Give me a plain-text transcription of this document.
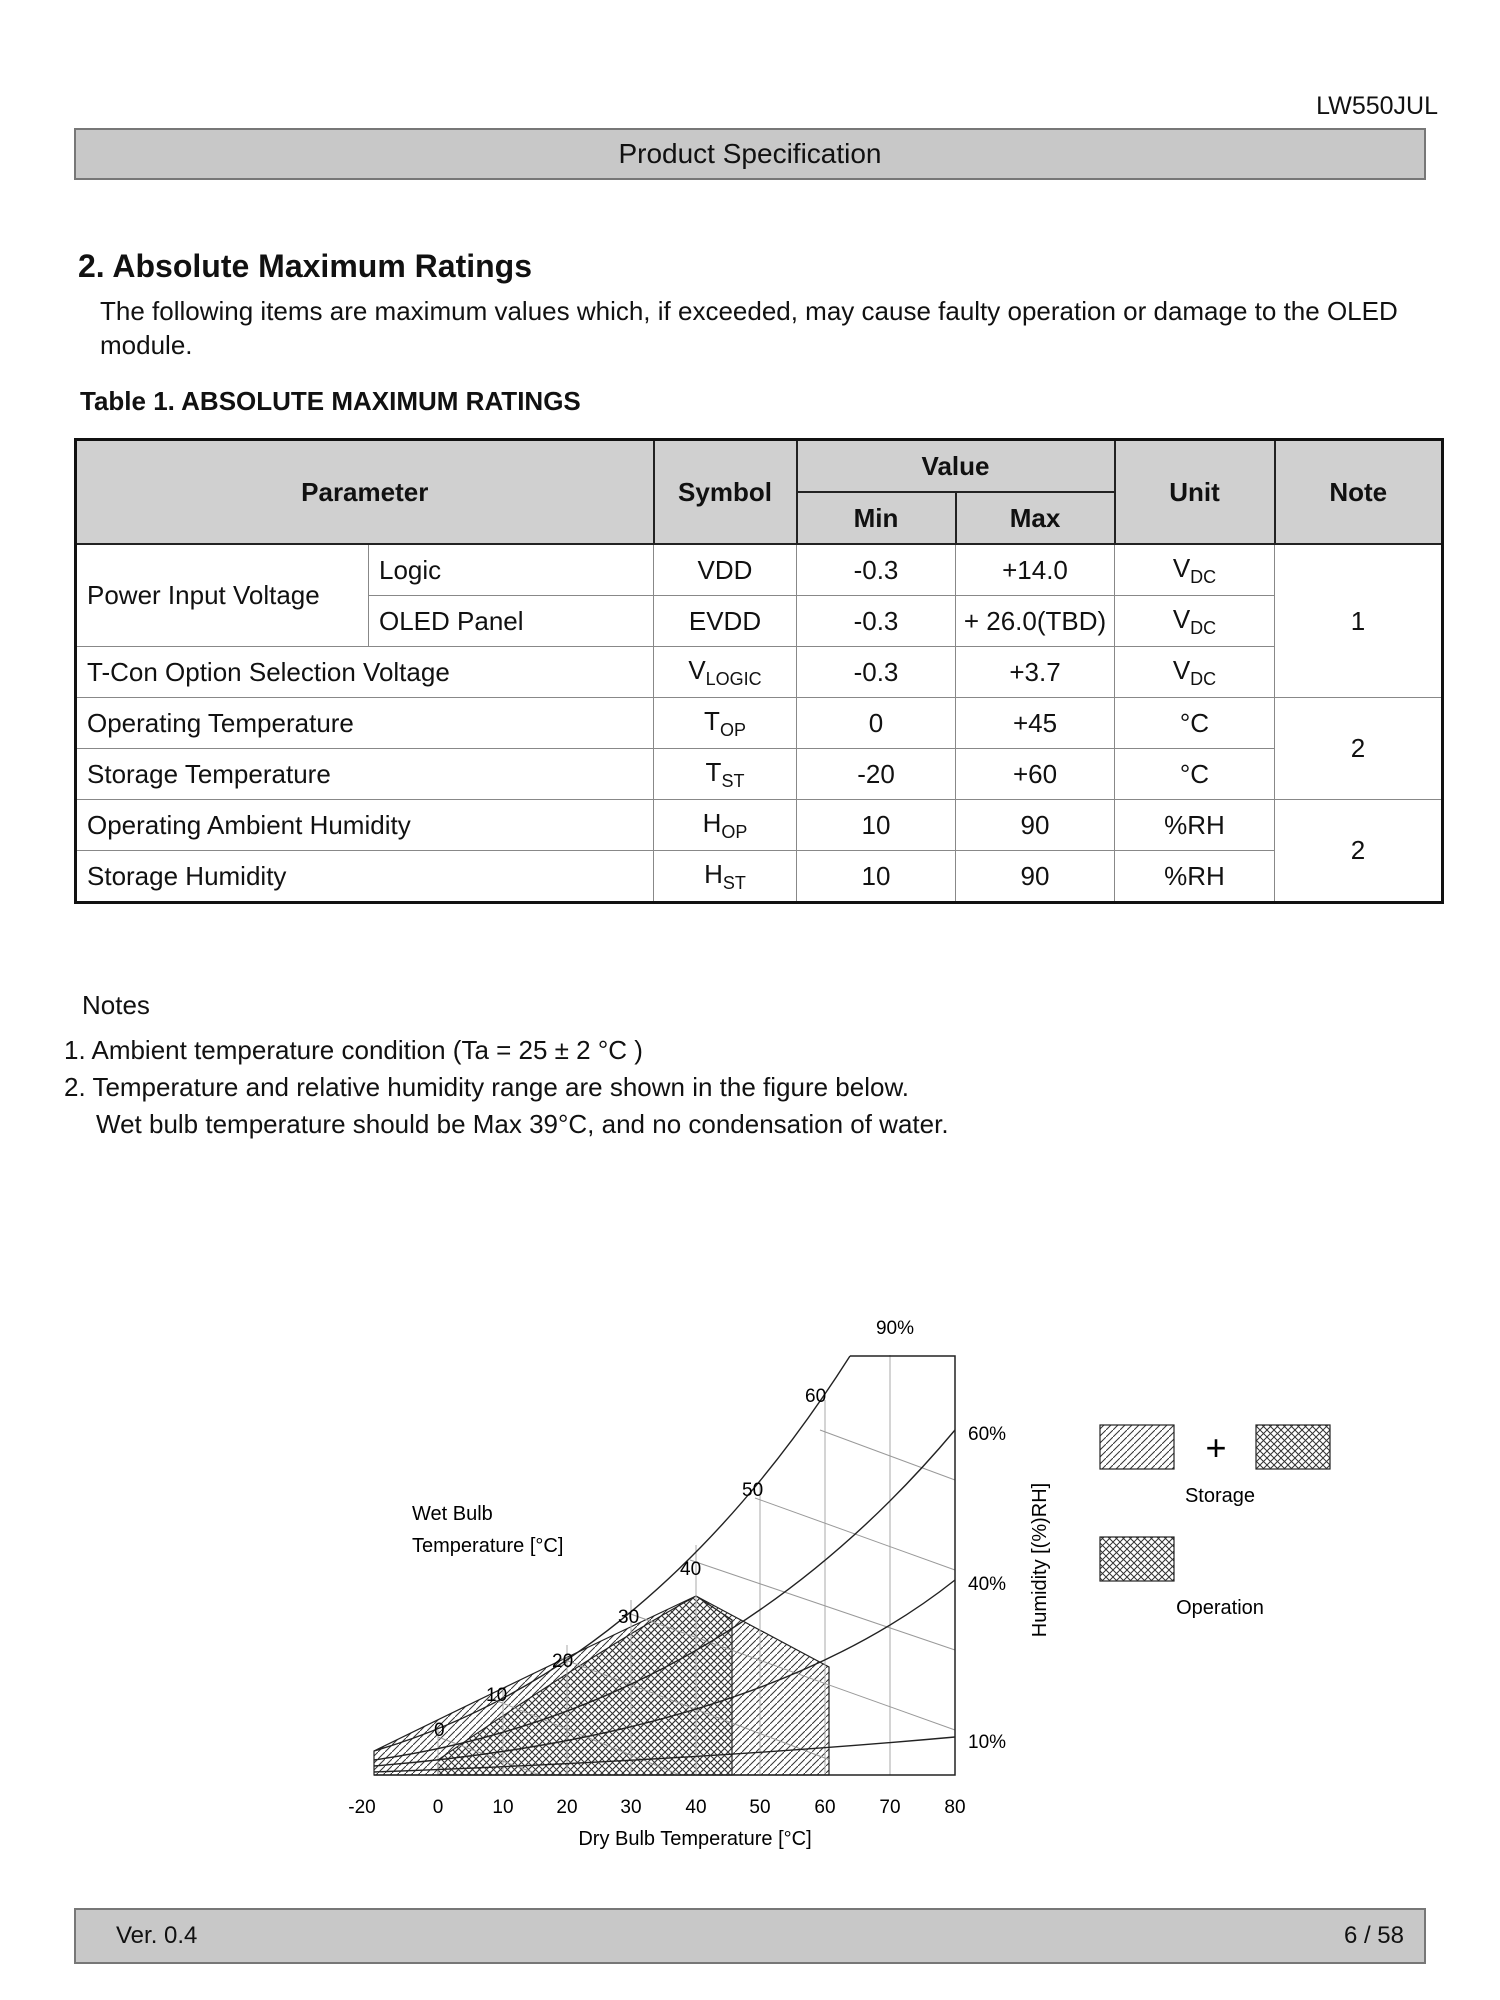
LW550JUL
Product Specification
2. Absolute Maximum Ratings
The following items are maximum values which, if exceeded, may cause faulty operation or damage to the OLED module.
Table 1. ABSOLUTE MAXIMUM RATINGS
Parameter		Symbol	Value		Unit	Note
			Min	Max		
Power Input Voltage	Logic	VDD	-0.3	+14.0	$V_{DC}$	1
	OLED Panel	EVDD	-0.3	+ 26.0(TBD)	$V_{DC}$
T-Con Option Selection Voltage		$V_{LOGIC}$	-0.3	+3.7	$V_{DC}$
Operating Temperature		$T_{OP}$	0	+45	°C	2
Storage Temperature		$T_{ST}$	-20	+60	°C	
Operating Ambient Humidity		$H_{OP}$	10	90	%RH	2
Storage Humidity		$H_{ST}$	10	90	%RH	
Notes
1. Ambient temperature condition (Ta = 25 ± 2 °C )
2. Temperature and relative humidity range are shown in the figure below.
Wet bulb temperature should be Max 39°C, and no condensation of water.
90%
60%
40%
10%
0
10
20
30
40
50
60
Wet Bulb
Temperature [°C]
-20	0	10 20 30 40 50 60 70 80
Dry Bulb Temperature [°C]
Humidity [(%)RH]
+
Storage
Operation
Ver. 0.4	6 / 58
